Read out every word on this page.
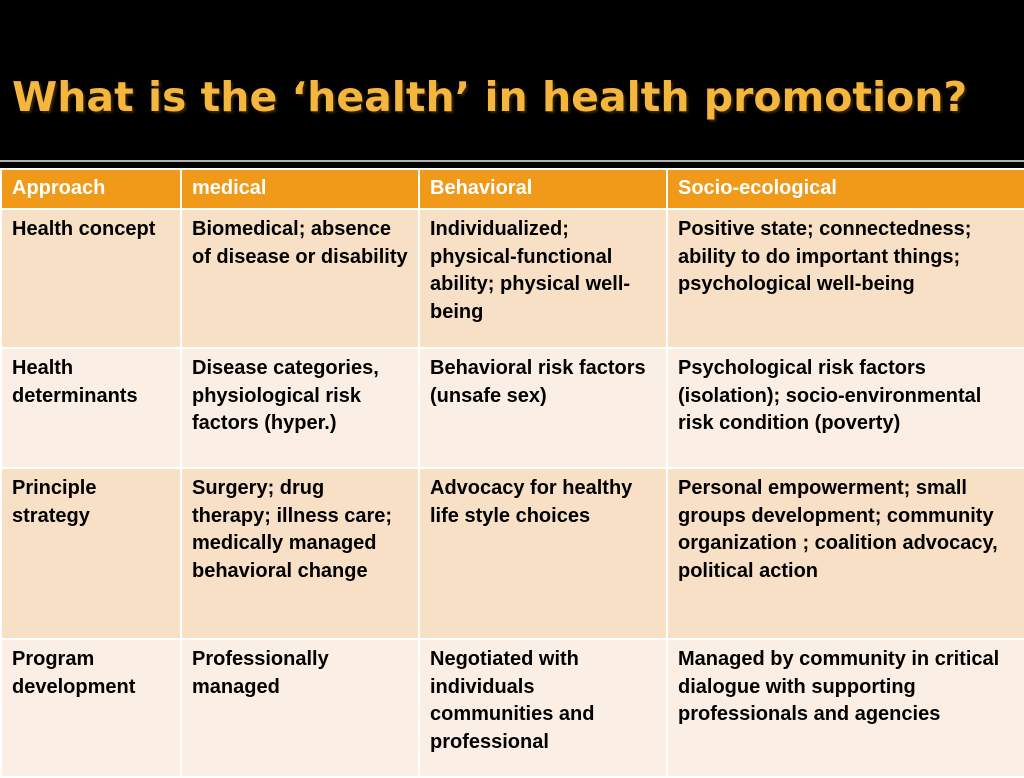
What is the ‘health’ in health promotion?
Approach	medical	Behavioral	Socio-ecological
Health concept	Biomedical; absence of disease or disability	Individualized; physical-functional ability; physical well-being	Positive state; connectedness; ability to do important things; psychological well-being
Health determinants	Disease categories, physiological risk factors (hyper.)	Behavioral risk factors (unsafe sex)	Psychological risk factors (isolation); socio-environmental risk condition (poverty)
Principle strategy	Surgery; drug therapy; illness care; medically managed behavioral change	Advocacy for healthy life style choices	Personal empowerment; small groups development; community organization ; coalition advocacy, political action
Program development	Professionally managed	Negotiated with individuals communities and professional	Managed by community in critical dialogue with supporting professionals and agencies
